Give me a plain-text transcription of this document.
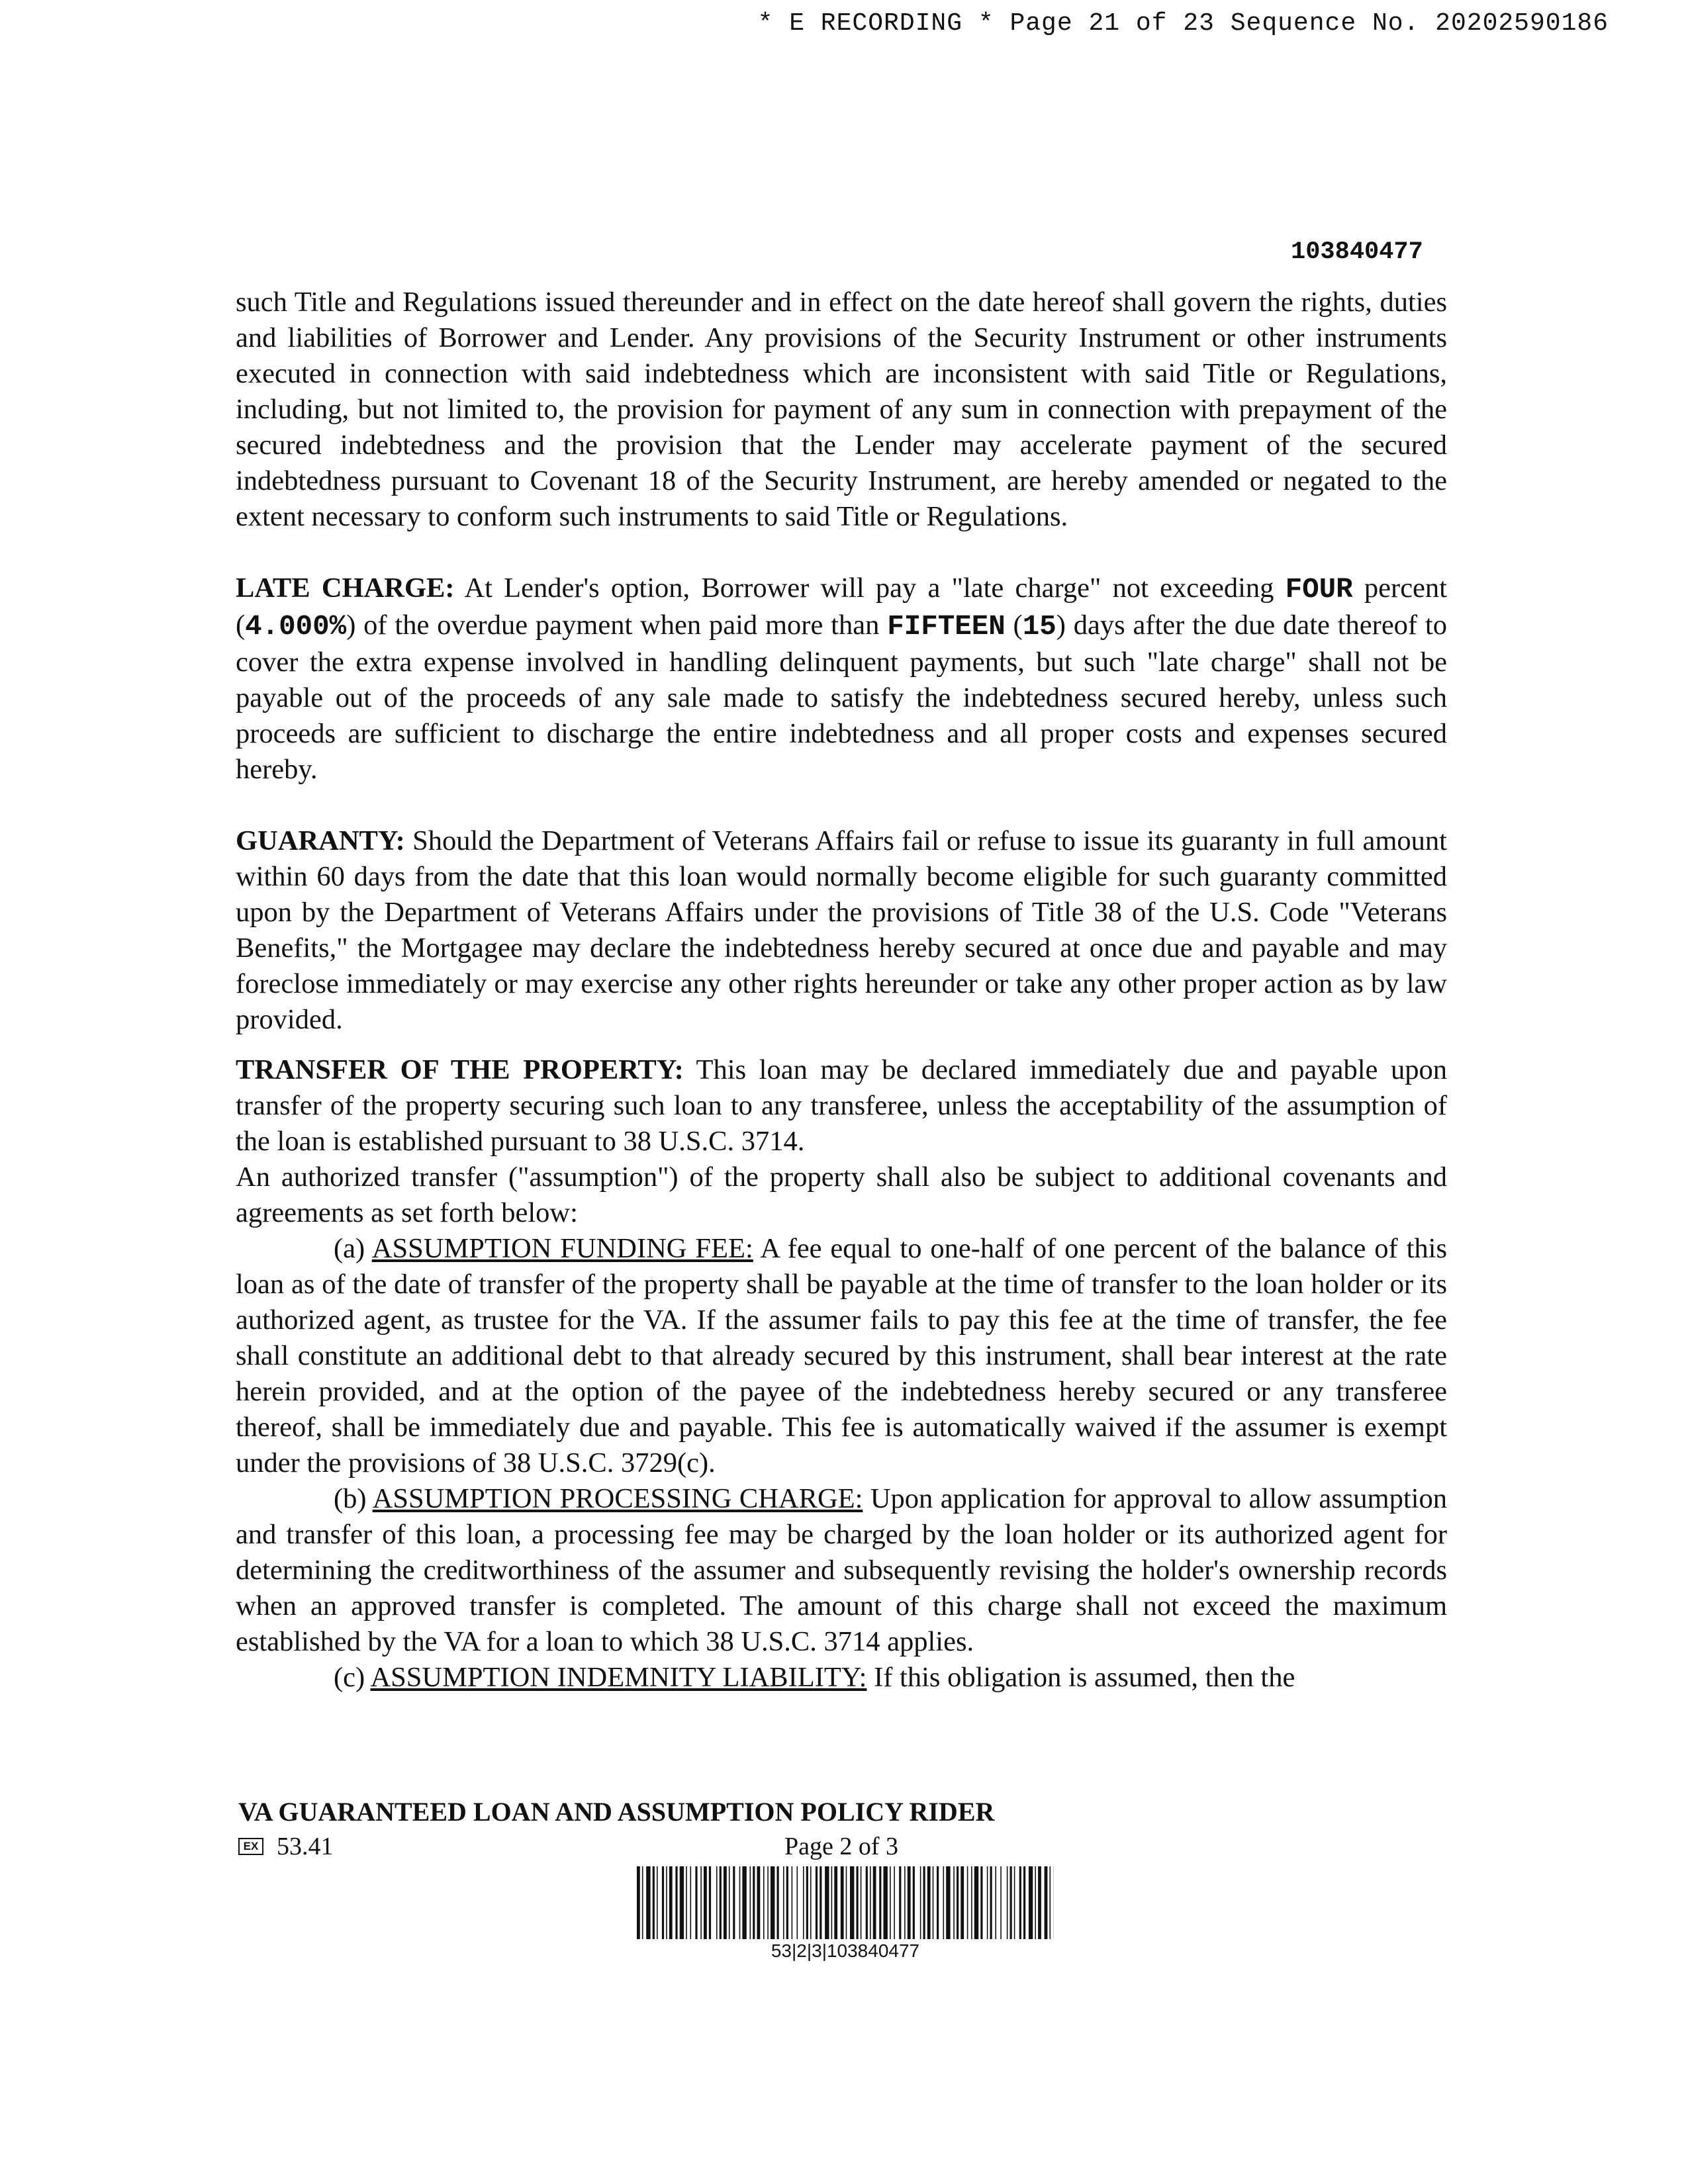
* E RECORDING * Page 21 of 23 Sequence No. 20202590186
103840477

such Title and Regulations issued thereunder and in effect on the date hereof shall govern the rights, duties and liabilities of Borrower and Lender. Any provisions of the Security Instrument or other instruments executed in connection with said indebtedness which are inconsistent with said Title or Regulations, including, but not limited to, the provision for payment of any sum in connection with prepayment of the secured indebtedness and the provision that the Lender may accelerate payment of the secured indebtedness pursuant to Covenant 18 of the Security Instrument, are hereby amended or negated to the extent necessary to conform such instruments to said Title or Regulations.

LATE CHARGE: At Lender's option, Borrower will pay a "late charge" not exceeding FOUR percent (4.000%) of the overdue payment when paid more than FIFTEEN (15) days after the due date thereof to cover the extra expense involved in handling delinquent payments, but such "late charge" shall not be payable out of the proceeds of any sale made to satisfy the indebtedness secured hereby, unless such proceeds are sufficient to discharge the entire indebtedness and all proper costs and expenses secured hereby.

GUARANTY: Should the Department of Veterans Affairs fail or refuse to issue its guaranty in full amount within 60 days from the date that this loan would normally become eligible for such guaranty committed upon by the Department of Veterans Affairs under the provisions of Title 38 of the U.S. Code "Veterans Benefits," the Mortgagee may declare the indebtedness hereby secured at once due and payable and may foreclose immediately or may exercise any other rights hereunder or take any other proper action as by law provided.

TRANSFER OF THE PROPERTY: This loan may be declared immediately due and payable upon transfer of the property securing such loan to any transferee, unless the acceptability of the assumption of the loan is established pursuant to 38 U.S.C. 3714.

An authorized transfer ("assumption") of the property shall also be subject to additional covenants and agreements as set forth below:

(a) ASSUMPTION FUNDING FEE: A fee equal to one-half of one percent of the balance of this loan as of the date of transfer of the property shall be payable at the time of transfer to the loan holder or its authorized agent, as trustee for the VA. If the assumer fails to pay this fee at the time of transfer, the fee shall constitute an additional debt to that already secured by this instrument, shall bear interest at the rate herein provided, and at the option of the payee of the indebtedness hereby secured or any transferee thereof, shall be immediately due and payable. This fee is automatically waived if the assumer is exempt under the provisions of 38 U.S.C. 3729(c).

(b) ASSUMPTION PROCESSING CHARGE: Upon application for approval to allow assumption and transfer of this loan, a processing fee may be charged by the loan holder or its authorized agent for determining the creditworthiness of the assumer and subsequently revising the holder's ownership records when an approved transfer is completed. The amount of this charge shall not exceed the maximum established by the VA for a loan to which 38 U.S.C. 3714 applies.

(c) ASSUMPTION INDEMNITY LIABILITY: If this obligation is assumed, then the

VA GUARANTEED LOAN AND ASSUMPTION POLICY RIDER
EX 53.41	Page 2 of 3
53|2|3|103840477
